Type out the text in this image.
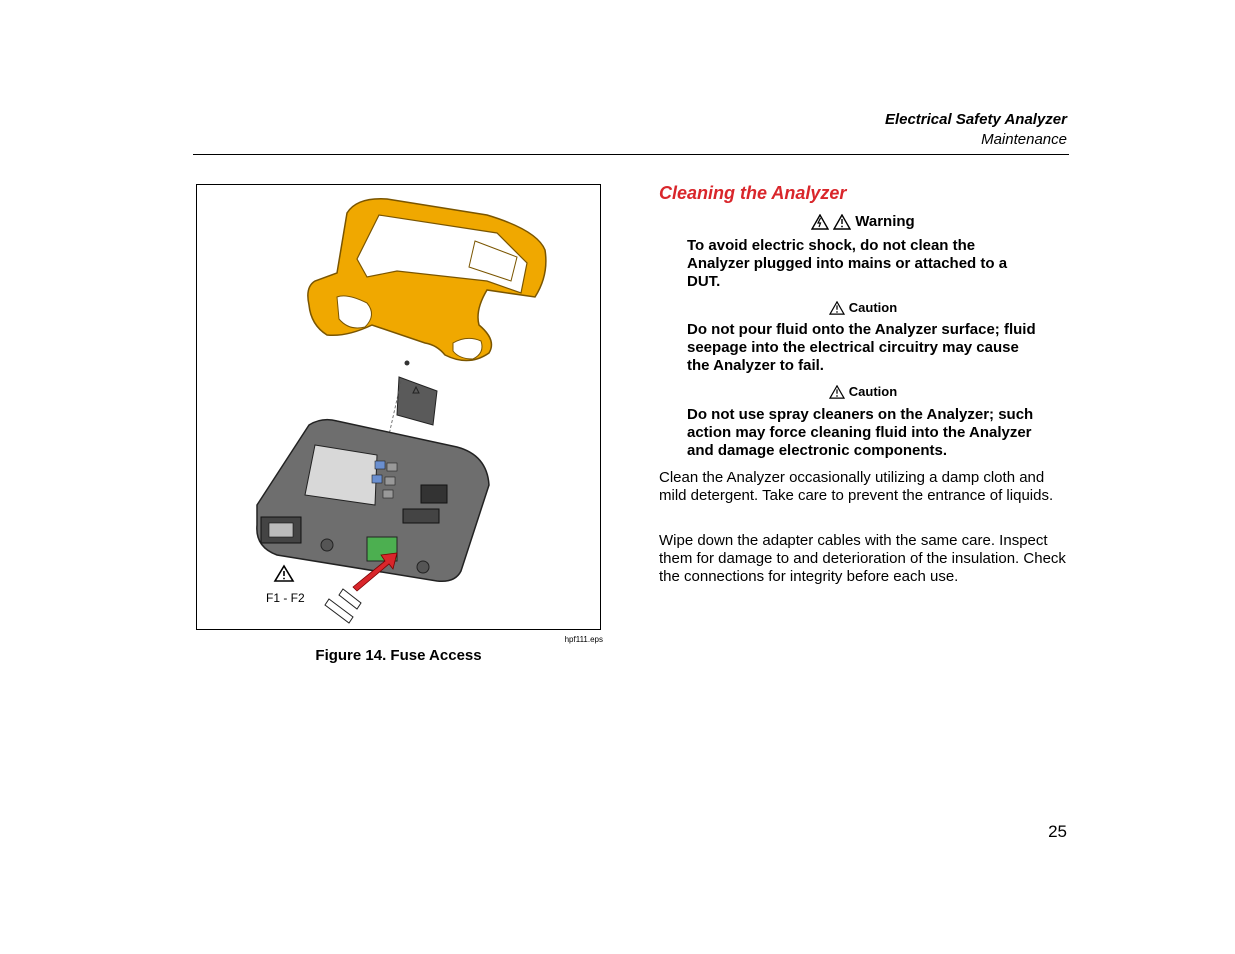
Electrical Safety Analyzer
Maintenance
F1 - F2
hpf111.eps
Figure 14. Fuse Access
Cleaning the Analyzer
Warning
To avoid electric shock, do not clean the Analyzer plugged into mains or attached to a DUT.
Caution
Do not pour fluid onto the Analyzer surface; fluid seepage into the electrical circuitry may cause the Analyzer to fail.
Caution
Do not use spray cleaners on the Analyzer; such action may force cleaning fluid into the Analyzer and damage electronic components.
Clean the Analyzer occasionally utilizing a damp cloth and mild detergent. Take care to prevent the entrance of liquids.
Wipe down the adapter cables with the same care. Inspect them for damage to and deterioration of the insulation. Check the connections for integrity before each use.
25
